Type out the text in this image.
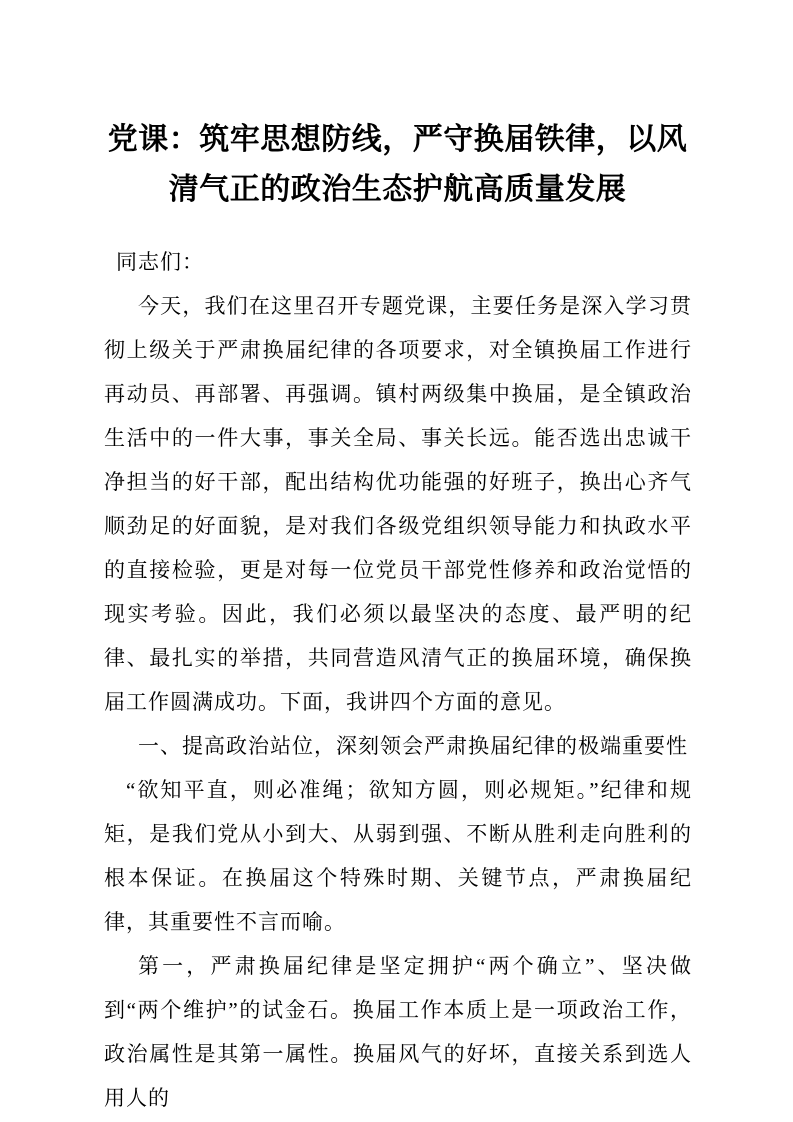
党课：筑牢思想防线，严守换届铁律，以风清气正的政治生态护航高质量发展

同志们：

今天，我们在这里召开专题党课，主要任务是深入学习贯彻上级关于严肃换届纪律的各项要求，对全镇换届工作进行再动员、再部署、再强调。镇村两级集中换届，是全镇政治生活中的一件大事，事关全局、事关长远。能否选出忠诚干净担当的好干部，配出结构优功能强的好班子，换出心齐气顺劲足的好面貌，是对我们各级党组织领导能力和执政水平的直接检验，更是对每一位党员干部党性修养和政治觉悟的现实考验。因此，我们必须以最坚决的态度、最严明的纪律、最扎实的举措，共同营造风清气正的换届环境，确保换届工作圆满成功。下面，我讲四个方面的意见。

一、提高政治站位，深刻领会严肃换届纪律的极端重要性

“欲知平直，则必准绳；欲知方圆，则必规矩。”纪律和规矩，是我们党从小到大、从弱到强、不断从胜利走向胜利的根本保证。在换届这个特殊时期、关键节点，严肃换届纪律，其重要性不言而喻。

第一，严肃换届纪律是坚定拥护“两个确立”、坚决做到“两个维护”的试金石。换届工作本质上是一项政治工作，政治属性是其第一属性。换届风气的好坏，直接关系到选人用人的
